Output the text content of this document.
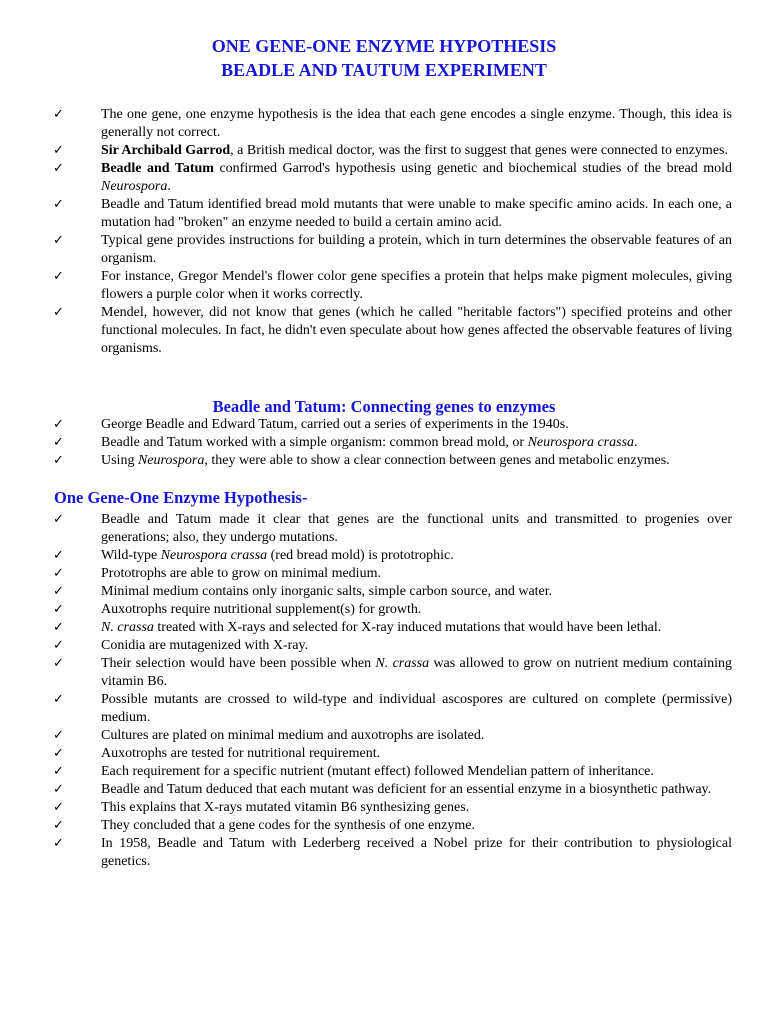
ONE GENE-ONE ENZYME HYPOTHESIS
BEADLE AND TAUTUM EXPERIMENT
✓	The one gene, one enzyme hypothesis is the idea that each gene encodes a single enzyme. Though, this idea is generally not correct.
✓	Sir Archibald Garrod, a British medical doctor, was the first to suggest that genes were connected to enzymes.
✓	Beadle and Tatum confirmed Garrod's hypothesis using genetic and biochemical studies of the bread mold Neurospora.
✓	Beadle and Tatum identified bread mold mutants that were unable to make specific amino acids. In each one, a mutation had "broken" an enzyme needed to build a certain amino acid.
✓	Typical gene provides instructions for building a protein, which in turn determines the observable features of an organism.
✓	For instance, Gregor Mendel's flower color gene specifies a protein that helps make pigment molecules, giving flowers a purple color when it works correctly.
✓	Mendel, however, did not know that genes (which he called "heritable factors") specified proteins and other functional molecules. In fact, he didn't even speculate about how genes affected the observable features of living organisms.
Beadle and Tatum: Connecting genes to enzymes
✓	George Beadle and Edward Tatum, carried out a series of experiments in the 1940s.
✓	Beadle and Tatum worked with a simple organism: common bread mold, or Neurospora crassa.
✓	Using Neurospora, they were able to show a clear connection between genes and metabolic enzymes.
One Gene-One Enzyme Hypothesis-
✓	Beadle and Tatum made it clear that genes are the functional units and transmitted to progenies over generations; also, they undergo mutations.
✓	Wild-type Neurospora crassa (red bread mold) is prototrophic.
✓	Prototrophs are able to grow on minimal medium.
✓	Minimal medium contains only inorganic salts, simple carbon source, and water.
✓	Auxotrophs require nutritional supplement(s) for growth.
✓	N. crassa treated with X-rays and selected for X-ray induced mutations that would have been lethal.
✓	Conidia are mutagenized with X-ray.
✓	Their selection would have been possible when N. crassa was allowed to grow on nutrient medium containing vitamin B6.
✓	Possible mutants are crossed to wild-type and individual ascospores are cultured on complete (permissive) medium.
✓	Cultures are plated on minimal medium and auxotrophs are isolated.
✓	Auxotrophs are tested for nutritional requirement.
✓	Each requirement for a specific nutrient (mutant effect) followed Mendelian pattern of inheritance.
✓	Beadle and Tatum deduced that each mutant was deficient for an essential enzyme in a biosynthetic pathway.
✓	This explains that X-rays mutated vitamin B6 synthesizing genes.
✓	They concluded that a gene codes for the synthesis of one enzyme.
✓	In 1958, Beadle and Tatum with Lederberg received a Nobel prize for their contribution to physiological genetics.
